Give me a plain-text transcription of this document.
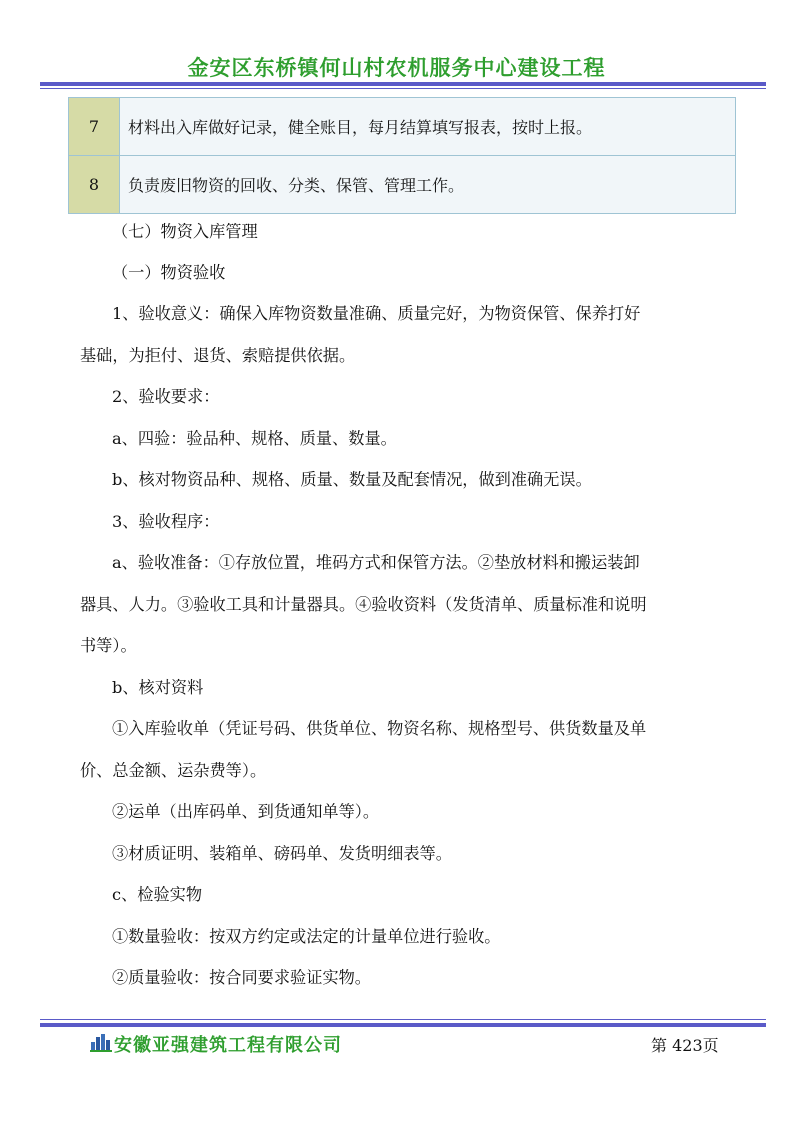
金安区东桥镇何山村农机服务中心建设工程
7	材料出入库做好记录，健全账目，每月结算填写报表，按时上报。
8	负责废旧物资的回收、分类、保管、管理工作。
（七）物资入库管理
（一）物资验收
1、验收意义：确保入库物资数量准确、质量完好，为物资保管、保养打好
基础，为拒付、退货、索赔提供依据。
2、验收要求：
a、四验：验品种、规格、质量、数量。
b、核对物资品种、规格、质量、数量及配套情况，做到准确无误。
3、验收程序：
a、验收准备：①存放位置，堆码方式和保管方法。②垫放材料和搬运装卸
器具、人力。③验收工具和计量器具。④验收资料（发货清单、质量标准和说明
书等）。
b、核对资料
①入库验收单（凭证号码、供货单位、物资名称、规格型号、供货数量及单
价、总金额、运杂费等）。
②运单（出库码单、到货通知单等）。
③材质证明、装箱单、磅码单、发货明细表等。
c、检验实物
①数量验收：按双方约定或法定的计量单位进行验收。
②质量验收：按合同要求验证实物。
安徽亚强建筑工程有限公司	第 423页
